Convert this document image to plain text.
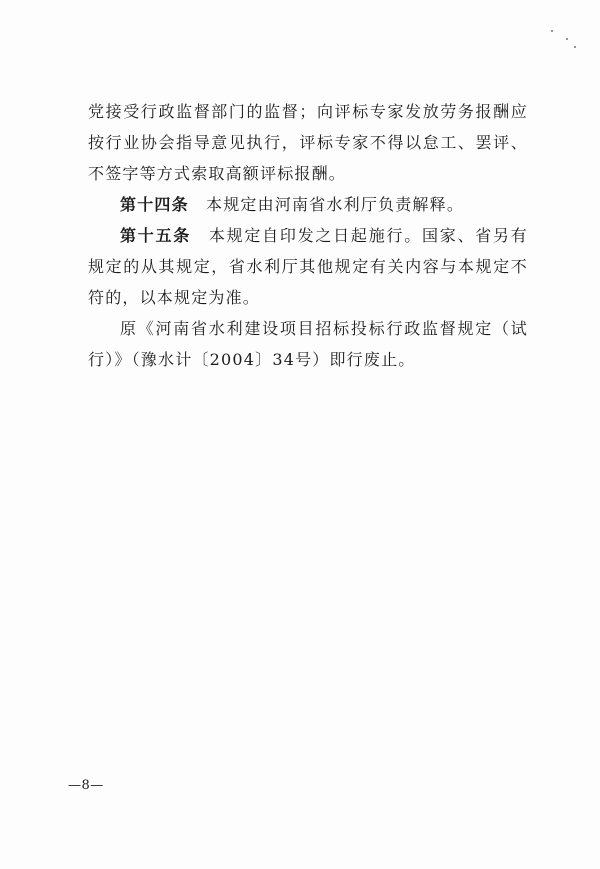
党接受行政监督部门的监督；向评标专家发放劳务报酬应按行业协会指导意见执行，评标专家不得以怠工、罢评、不签字等方式索取高额评标报酬。

第十四条　本规定由河南省水利厅负责解释。

第十五条　本规定自印发之日起施行。国家、省另有规定的从其规定，省水利厅其他规定有关内容与本规定不符的，以本规定为准。

原《河南省水利建设项目招标投标行政监督规定（试行）》（豫水计〔2004〕34号）即行废止。

—8—
